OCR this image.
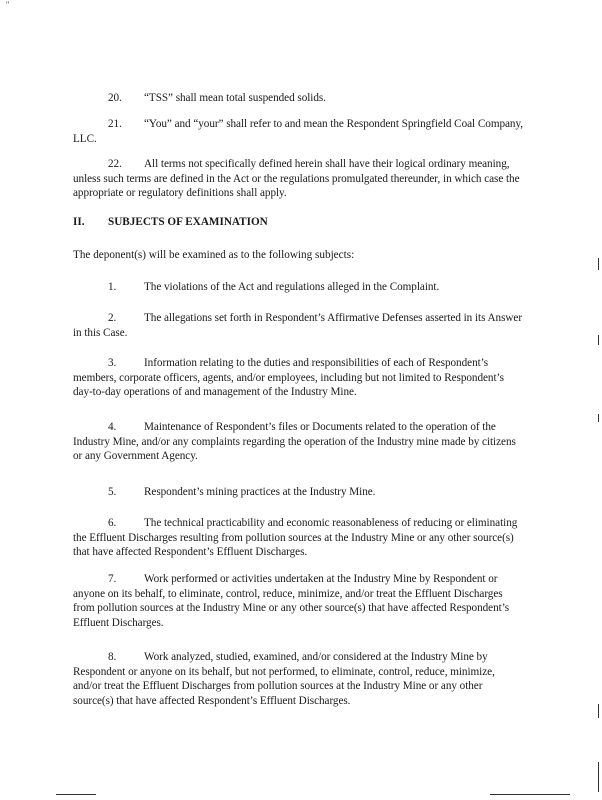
''
20. “TSS” shall mean total suspended solids.
21. “You” and “your” shall refer to and mean the Respondent Springfield Coal Company, LLC.
22. All terms not specifically defined herein shall have their logical ordinary meaning, unless such terms are defined in the Act or the regulations promulgated thereunder, in which case the appropriate or regulatory definitions shall apply.
II. SUBJECTS OF EXAMINATION
The deponent(s) will be examined as to the following subjects:
1. The violations of the Act and regulations alleged in the Complaint.
2. The allegations set forth in Respondent’s Affirmative Defenses asserted in its Answer in this Case.
3. Information relating to the duties and responsibilities of each of Respondent’s members, corporate officers, agents, and/or employees, including but not limited to Respondent’s day-to-day operations of and management of the Industry Mine.
4. Maintenance of Respondent’s files or Documents related to the operation of the Industry Mine, and/or any complaints regarding the operation of the Industry mine made by citizens or any Government Agency.
5. Respondent’s mining practices at the Industry Mine.
6. The technical practicability and economic reasonableness of reducing or eliminating the Effluent Discharges resulting from pollution sources at the Industry Mine or any other source(s) that have affected Respondent’s Effluent Discharges.
7. Work performed or activities undertaken at the Industry Mine by Respondent or anyone on its behalf, to eliminate, control, reduce, minimize, and/or treat the Effluent Discharges from pollution sources at the Industry Mine or any other source(s) that have affected Respondent’s Effluent Discharges.
8. Work analyzed, studied, examined, and/or considered at the Industry Mine by Respondent or anyone on its behalf, but not performed, to eliminate, control, reduce, minimize, and/or treat the Effluent Discharges from pollution sources at the Industry Mine or any other source(s) that have affected Respondent’s Effluent Discharges.
